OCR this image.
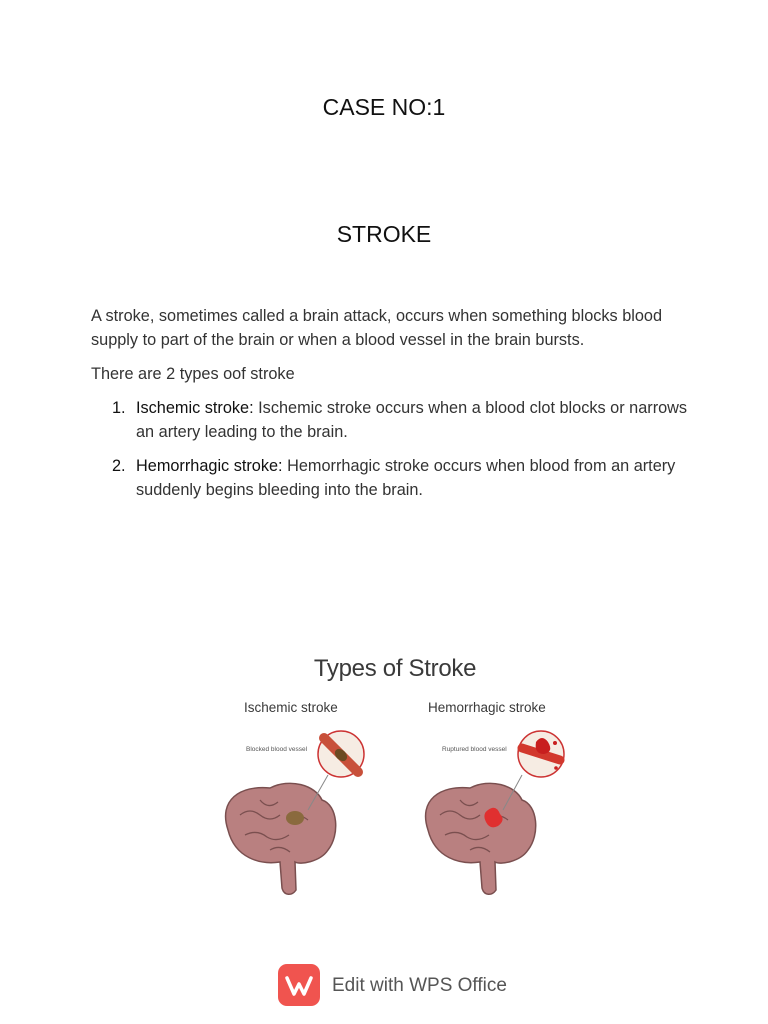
CASE NO:1
STROKE

A stroke, sometimes called a brain attack, occurs when something blocks blood supply to part of the brain or when a blood vessel in the brain bursts.

There are 2 types oof stroke

1. Ischemic stroke: Ischemic stroke occurs when a blood clot blocks or narrows an artery leading to the brain.
2. Hemorrhagic stroke: Hemorrhagic stroke occurs when blood from an artery suddenly begins bleeding into the brain.
Types of Stroke
Ischemic stroke	Hemorrhagic stroke
Blocked blood vessel	Ruptured blood vessel
Edit with WPS Office
